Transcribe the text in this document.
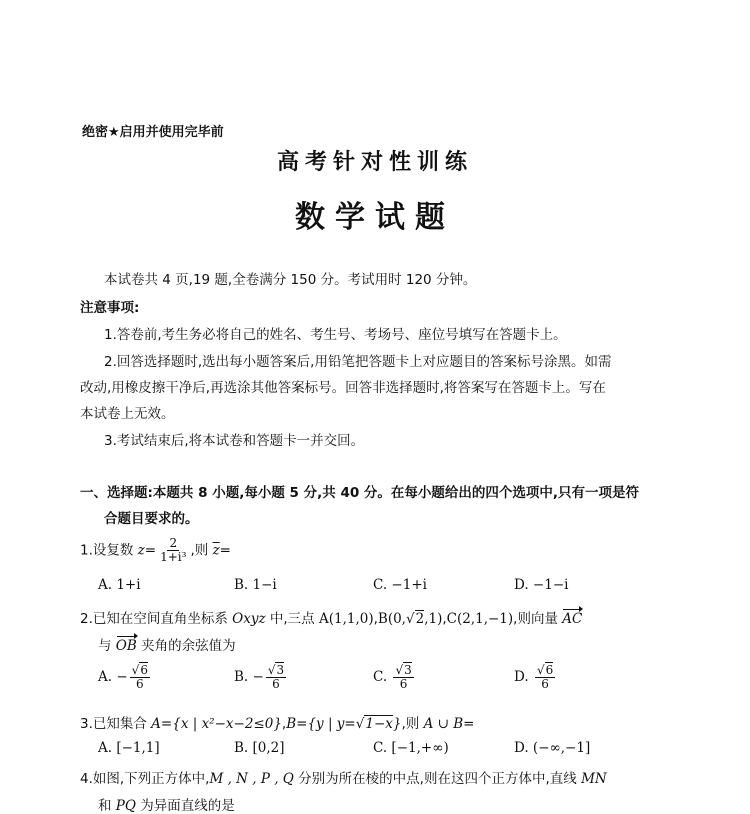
绝密★启用并使用完毕前
高考针对性训练
数学试题
本试卷共 4 页,19 题,全卷满分 150 分。考试用时 120 分钟。
注意事项:
1.答卷前,考生务必将自己的姓名、考生号、考场号、座位号填写在答题卡上。
2.回答选择题时,选出每小题答案后,用铅笔把答题卡上对应题目的答案标号涂黑。如需
改动,用橡皮擦干净后,再选涂其他答案标号。回答非选择题时,将答案写在答题卡上。写在
本试卷上无效。
3.考试结束后,将本试卷和答题卡一并交回。
一、选择题:本题共 8 小题,每小题 5 分,共 40 分。在每小题给出的四个选项中,只有一项是符
合题目要求的。
1.设复数 $z= \frac{2}{\text{1+i³}}$ ,则 $\overline{z}=$
A. 1+i	B. 1−i	C. −1+i	D. −1−i
2.已知在空间直角坐标系 Oxyz 中,三点 A(1,1,0),B(0,√2,1),C(2,1,−1),则向量 AC
与 OB 夹角的余弦值为
A. − $\frac{√6}{6}$	B. − $\frac{√3}{6}$	C. $\frac{√3}{6}$	D. $\frac{√6}{6}$
3.已知集合 A={x | x²−x−2≤0},B={y | y=√1−x},则 A ∪ B=
A. [−1,1]	B. [0,2]	C. [−1,+∞)	D. (−∞,−1]
4.如图,下列正方体中,M , N , P , Q 分别为所在棱的中点,则在这四个正方体中,直线 MN
和 PQ 为异面直线的是
